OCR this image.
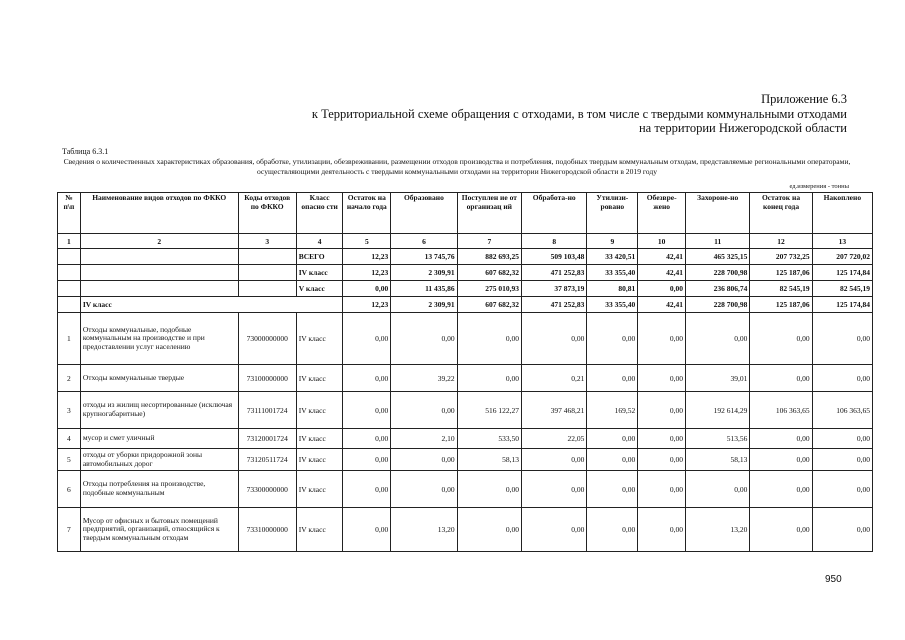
Приложение 6.3
к Территориальной схеме обращения с отходами, в том числе с твердыми коммунальными отходами
на территории Нижегородской области
Таблица 6.3.1
Сведения о количественных характеристиках образования, обработке, утилизации, обезвреживании, размещении отходов производства и потребления, подобных твердым коммунальным отходам, представляемые региональными операторами, осуществляющими деятельность с твердыми коммунальными отходами на территории Нижегородской области в 2019 году
ед.измерения - тонны
№ п\п	Наименование видов отходов по ФККО	Коды отходов по ФККО	Класс опасно сти	Остаток на начало года	Образовано	Поступлен ие от организац ий	Обработа-но	Утилизи-ровано	Обезвре-жено	Захороне-но	Остаток на конец года	Накоплено
1	2	3	4	5	6	7	8	9	10	11	12	13
			ВСЕГО	12,23	13 745,76	882 693,25	509 103,48	33 420,51	42,41	465 325,15	207 732,25	207 720,02
			IV класс	12,23	2 309,91	607 682,32	471 252,83	33 355,40	42,41	228 700,98	125 187,06	125 174,84
			V класс	0,00	11 435,86	275 010,93	37 873,19	80,81	0,00	236 806,74	82 545,19	82 545,19
	IV класс			12,23	2 309,91	607 682,32	471 252,83	33 355,40	42,41	228 700,98	125 187,06	125 174,84
1	Отходы коммунальные, подобные коммунальным на производстве и при предоставлении услуг населению	73000000000	IV класс	0,00	0,00	0,00	0,00	0,00	0,00	0,00	0,00	0,00
2	Отходы коммунальные твердые	73100000000	IV класс	0,00	39,22	0,00	0,21	0,00	0,00	39,01	0,00	0,00
3	отходы из жилищ несортированные (исключая крупногабаритные)	73111001724	IV класс	0,00	0,00	516 122,27	397 468,21	169,52	0,00	192 614,29	106 363,65	106 363,65
4	мусор и смет уличный	73120001724	IV класс	0,00	2,10	533,50	22,05	0,00	0,00	513,56	0,00	0,00
5	отходы от уборки придорожной зоны автомобильных дорог	73120511724	IV класс	0,00	0,00	58,13	0,00	0,00	0,00	58,13	0,00	0,00
6	Отходы потребления на производстве, подобные коммунальным	73300000000	IV класс	0,00	0,00	0,00	0,00	0,00	0,00	0,00	0,00	0,00
7	Мусор от офисных и бытовых помещений предприятий, организаций, относящийся к твердым коммунальным отходам	73310000000	IV класс	0,00	13,20	0,00	0,00	0,00	0,00	13,20	0,00	0,00
950
